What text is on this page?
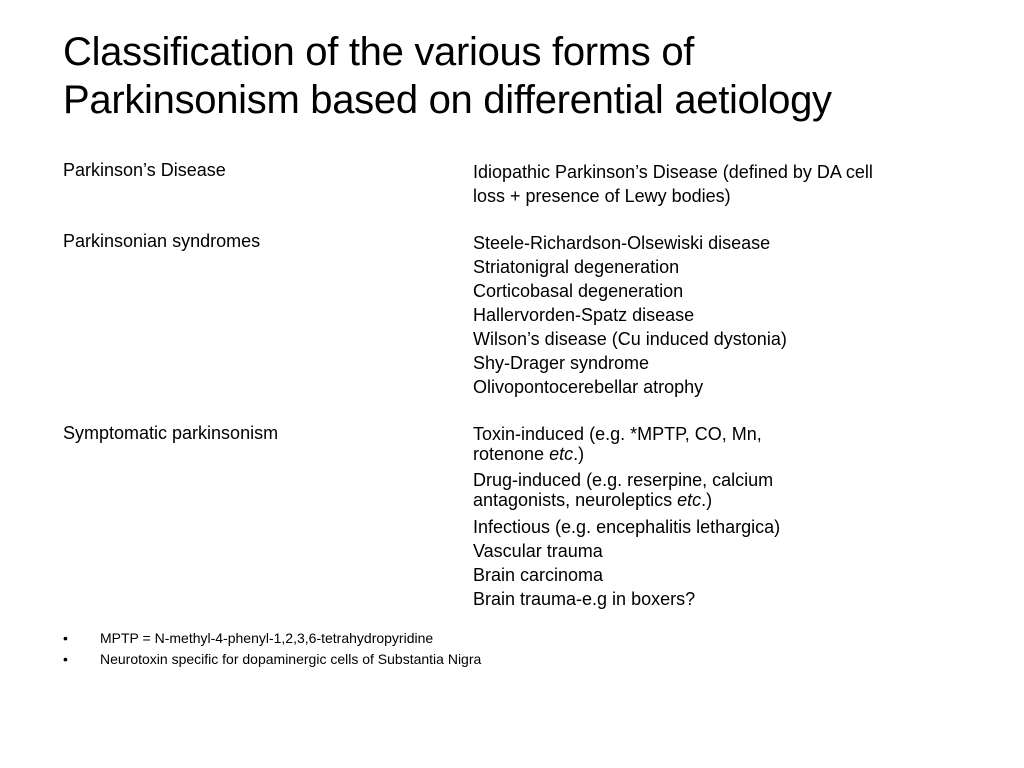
Classification of the various forms of
Parkinsonism based on differential aetiology
Parkinson’s Disease	Idiopathic Parkinson’s Disease (defined by DA cell
loss + presence of Lewy bodies)
Parkinsonian syndromes	Steele-Richardson-Olsewiski disease
Striatonigral degeneration
Corticobasal degeneration
Hallervorden-Spatz disease
Wilson’s disease (Cu induced dystonia)
Shy-Drager syndrome
Olivopontocerebellar atrophy
Symptomatic parkinsonism	Toxin-induced (e.g. *MPTP, CO, Mn,
rotenone etc.)
Drug-induced (e.g. reserpine, calcium
antagonists, neuroleptics etc.)
Infectious (e.g. encephalitis lethargica)
Vascular trauma
Brain carcinoma
Brain trauma-e.g in boxers?
• MPTP = N-methyl-4-phenyl-1,2,3,6-tetrahydropyridine
• Neurotoxin specific for dopaminergic cells of Substantia Nigra
